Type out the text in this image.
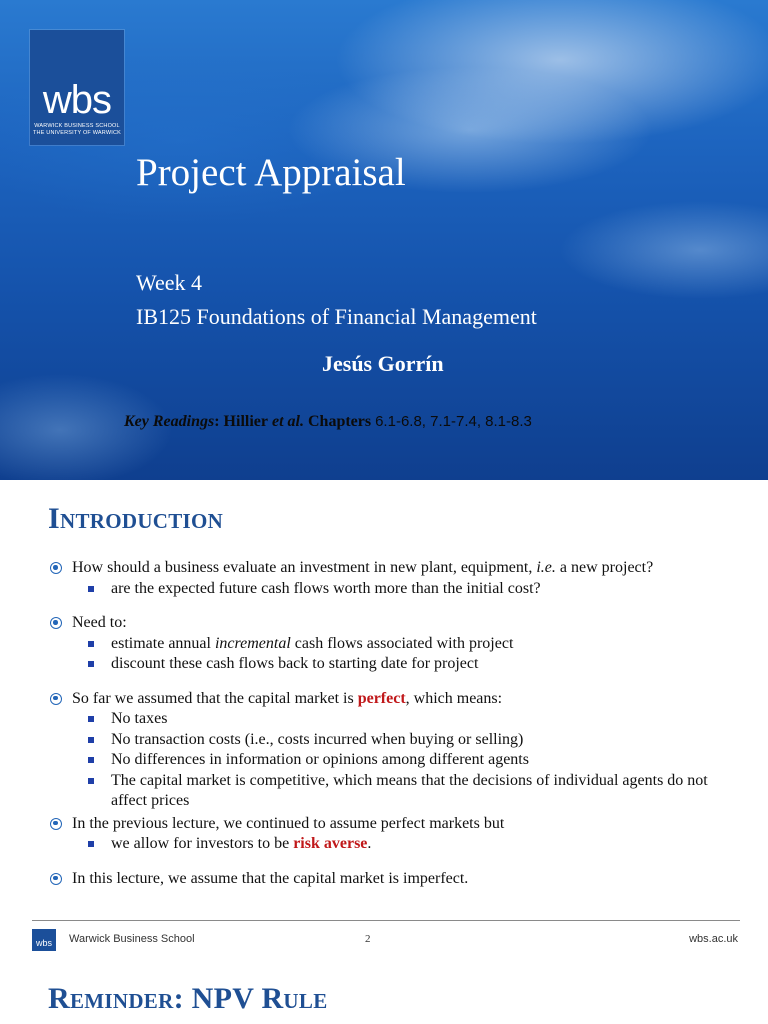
wbs
WARWICK BUSINESS SCHOOL
THE UNIVERSITY OF WARWICK
Project Appraisal
Week 4
IB125 Foundations of Financial Management
Jesús Gorrín
Key Readings: Hillier et al. Chapters 6.1-6.8, 7.1-7.4, 8.1-8.3
Introduction
How should a business evaluate an investment in new plant, equipment, i.e. a new project?
are the expected future cash flows worth more than the initial cost?
Need to:
estimate annual incremental cash flows associated with project
discount these cash flows back to starting date for project
So far we assumed that the capital market is perfect, which means:
No taxes
No transaction costs (i.e., costs incurred when buying or selling)
No differences in information or opinions among different agents
The capital market is competitive, which means that the decisions of individual agents do not affect prices
In the previous lecture, we continued to assume perfect markets but
we allow for investors to be risk averse.
In this lecture, we assume that the capital market is imperfect.
wbs	Warwick Business School	2	wbs.ac.uk
Reminder: NPV Rule
